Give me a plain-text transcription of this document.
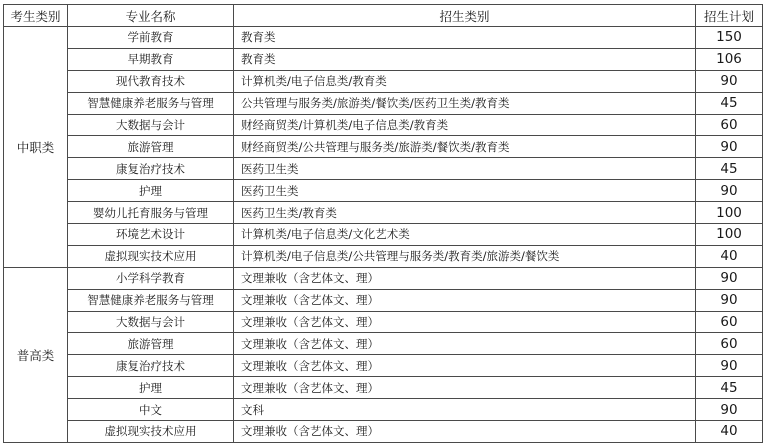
考生类别	专业名称	招生类别	招生计划
中职类	学前教育	教育类	150
	早期教育	教育类	106
	现代教育技术	计算机类/电子信息类/教育类	90
	智慧健康养老服务与管理	公共管理与服务类/旅游类/餐饮类/医药卫生类/教育类	45
	大数据与会计	财经商贸类/计算机类/电子信息类/教育类	60
	旅游管理	财经商贸类/公共管理与服务类/旅游类/餐饮类/教育类	90
	康复治疗技术	医药卫生类	45
	护理	医药卫生类	90
	婴幼儿托育服务与管理	医药卫生类/教育类	100
	环境艺术设计	计算机类/电子信息类/文化艺术类	100
	虚拟现实技术应用	计算机类/电子信息类/公共管理与服务类/教育类/旅游类/餐饮类	40
普高类	小学科学教育	文理兼收（含艺体文、理）	90
	智慧健康养老服务与管理	文理兼收（含艺体文、理）	90
	大数据与会计	文理兼收（含艺体文、理）	60
	旅游管理	文理兼收（含艺体文、理）	60
	康复治疗技术	文理兼收（含艺体文、理）	90
	护理	文理兼收（含艺体文、理）	45
	中文	文科	90
	虚拟现实技术应用	文理兼收（含艺体文、理）	40
